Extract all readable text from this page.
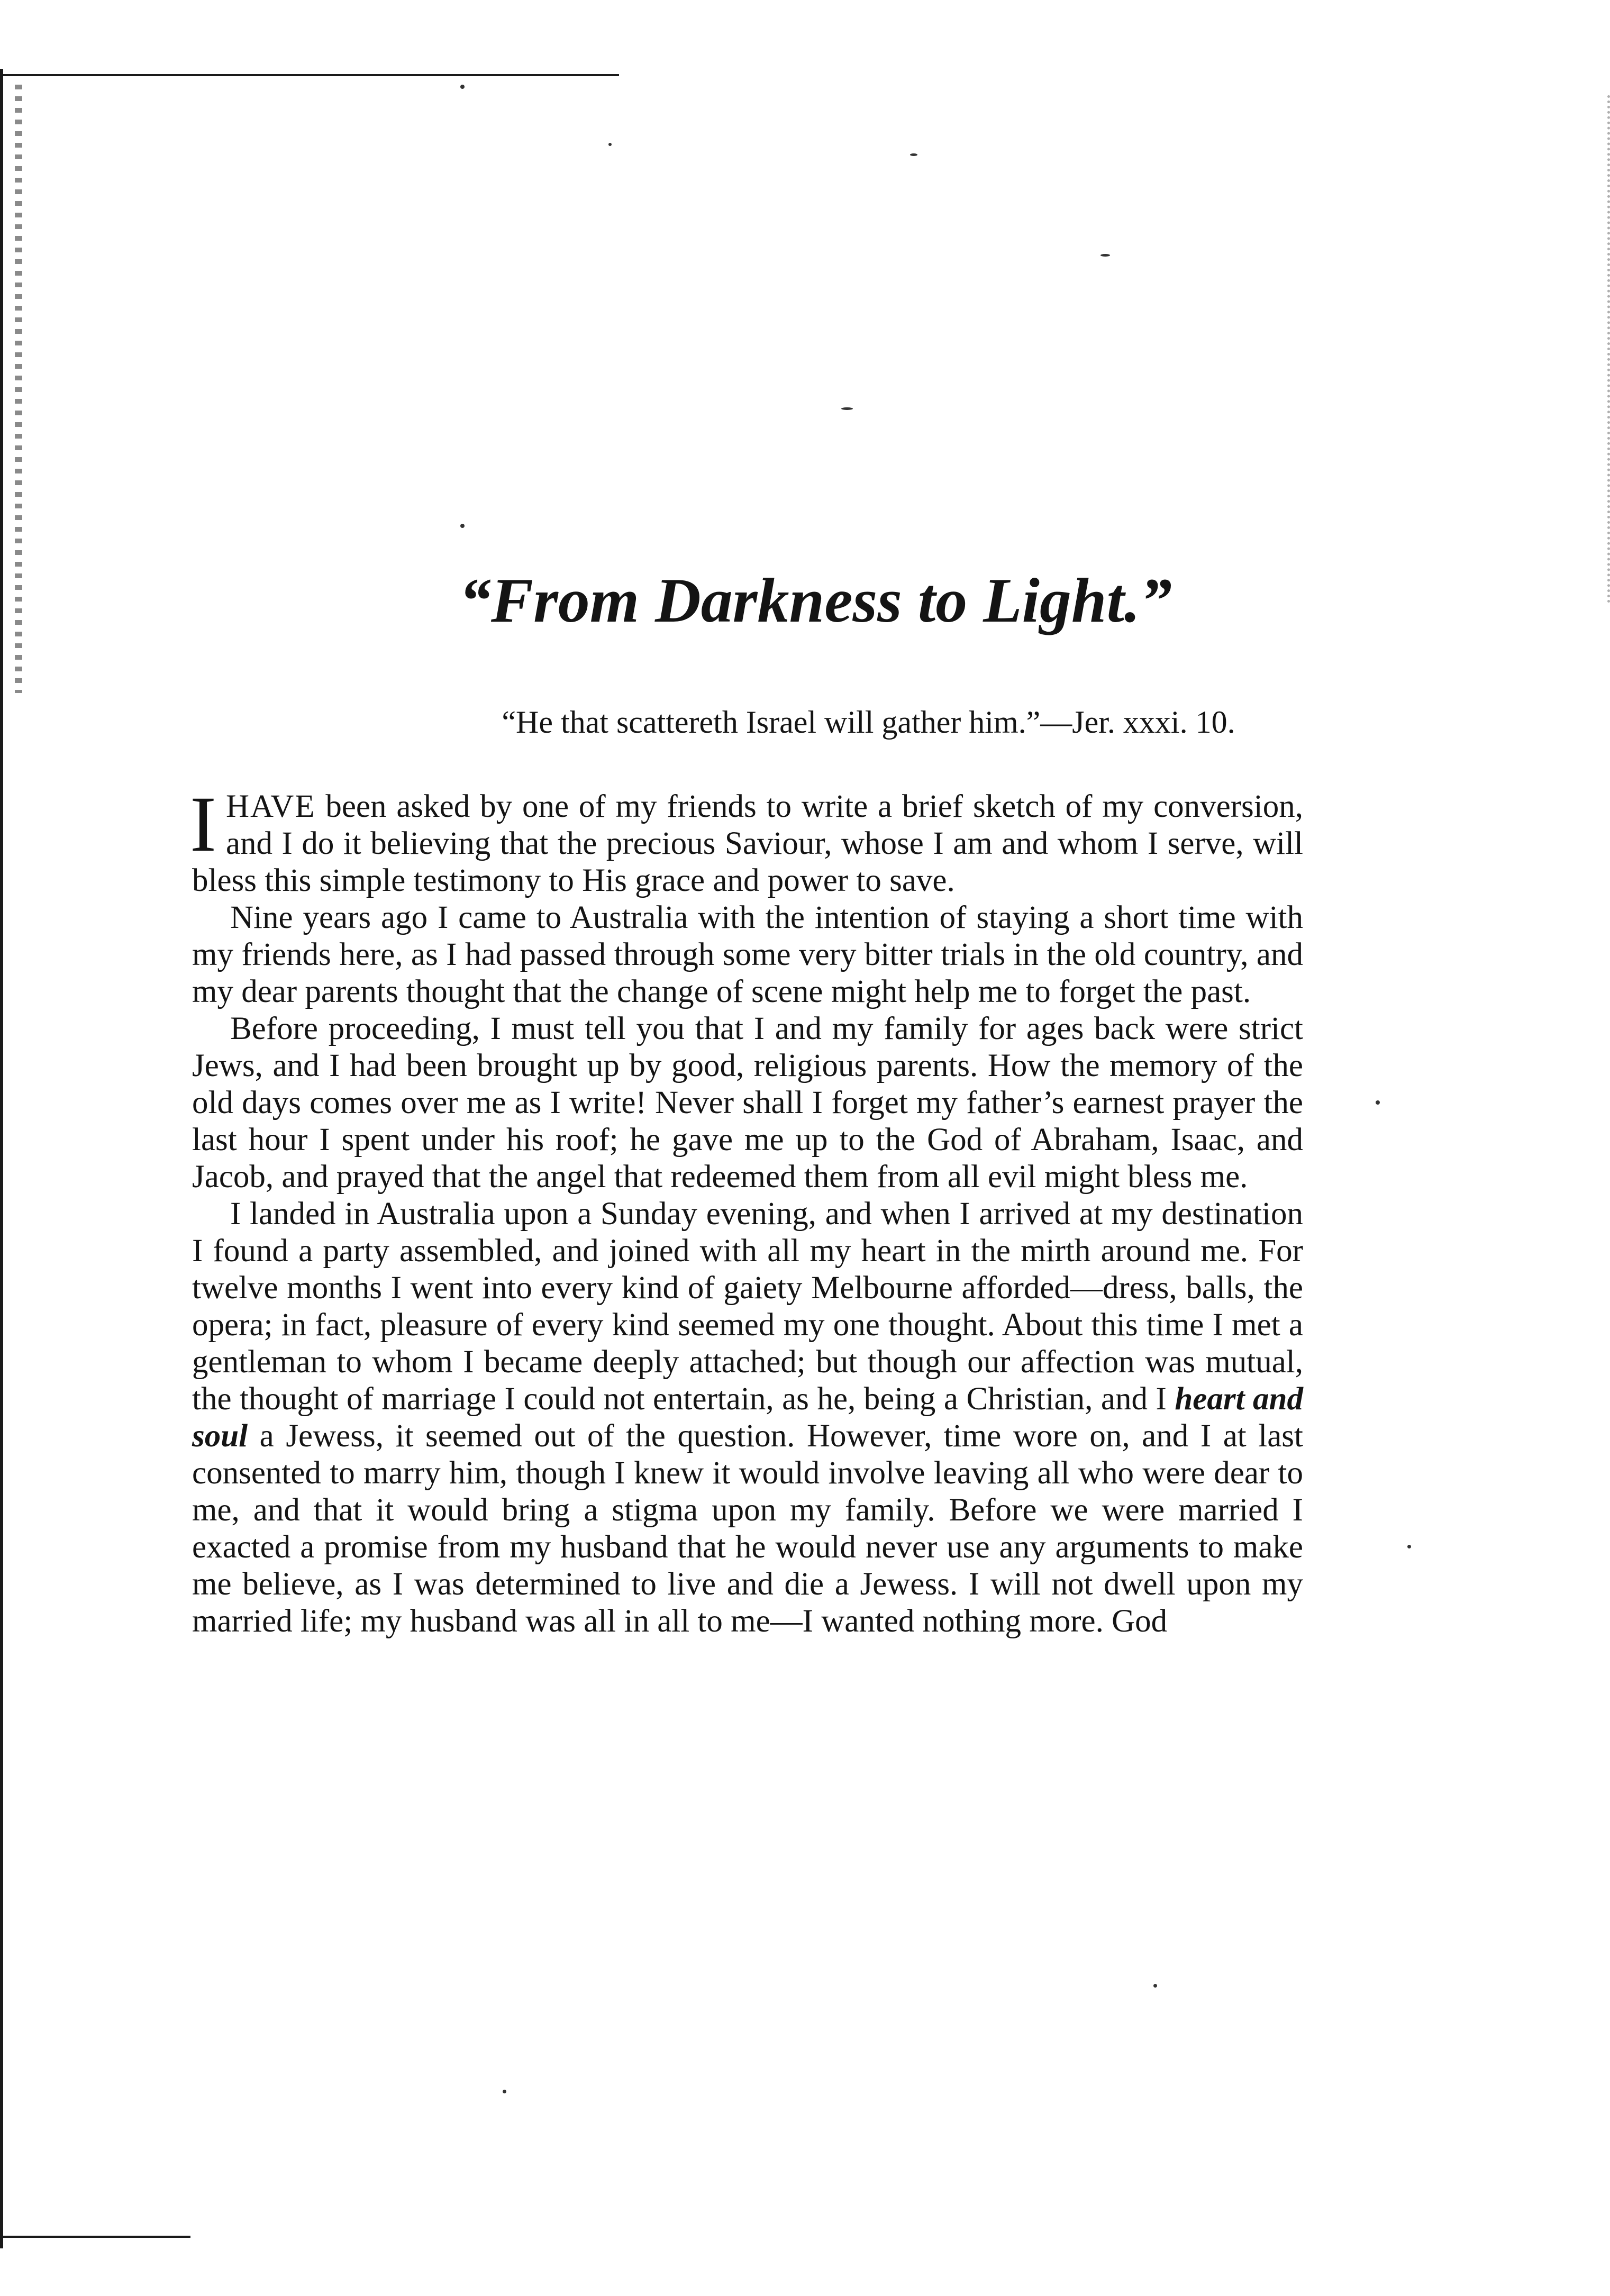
“From Darkness to Light.”
“He that scattereth Israel will gather him.”—Jer. xxxi. 10.

IHAVE been asked by one of my friends to write a brief sketch of my conversion, and I do it believing that the precious Saviour, whose I am and whom I serve, will bless this simple testimony to His grace and power to save.

Nine years ago I came to Australia with the intention of staying a short time with my friends here, as I had passed through some very bitter trials in the old country, and my dear parents thought that the change of scene might help me to forget the past.

Before proceeding, I must tell you that I and my family for ages back were strict Jews, and I had been brought up by good, religious parents. How the memory of the old days comes over me as I write! Never shall I forget my father’s earnest prayer the last hour I spent under his roof; he gave me up to the God of Abraham, Isaac, and Jacob, and prayed that the angel that redeemed them from all evil might bless me.

I landed in Australia upon a Sunday evening, and when I arrived at my destination I found a party assembled, and joined with all my heart in the mirth around me. For twelve months I went into every kind of gaiety Melbourne afforded—dress, balls, the opera; in fact, pleasure of every kind seemed my one thought. About this time I met a gentleman to whom I became deeply attached; but though our affection was mutual, the thought of marriage I could not entertain, as he, being a Christian, and I heart and soul a Jewess, it seemed out of the question. However, time wore on, and I at last consented to marry him, though I knew it would involve leaving all who were dear to me, and that it would bring a stigma upon my family. Before we were married I exacted a promise from my husband that he would never use any arguments to make me believe, as I was determined to live and die a Jewess. I will not dwell upon my married life; my husband was all in all to me—I wanted nothing more. God
